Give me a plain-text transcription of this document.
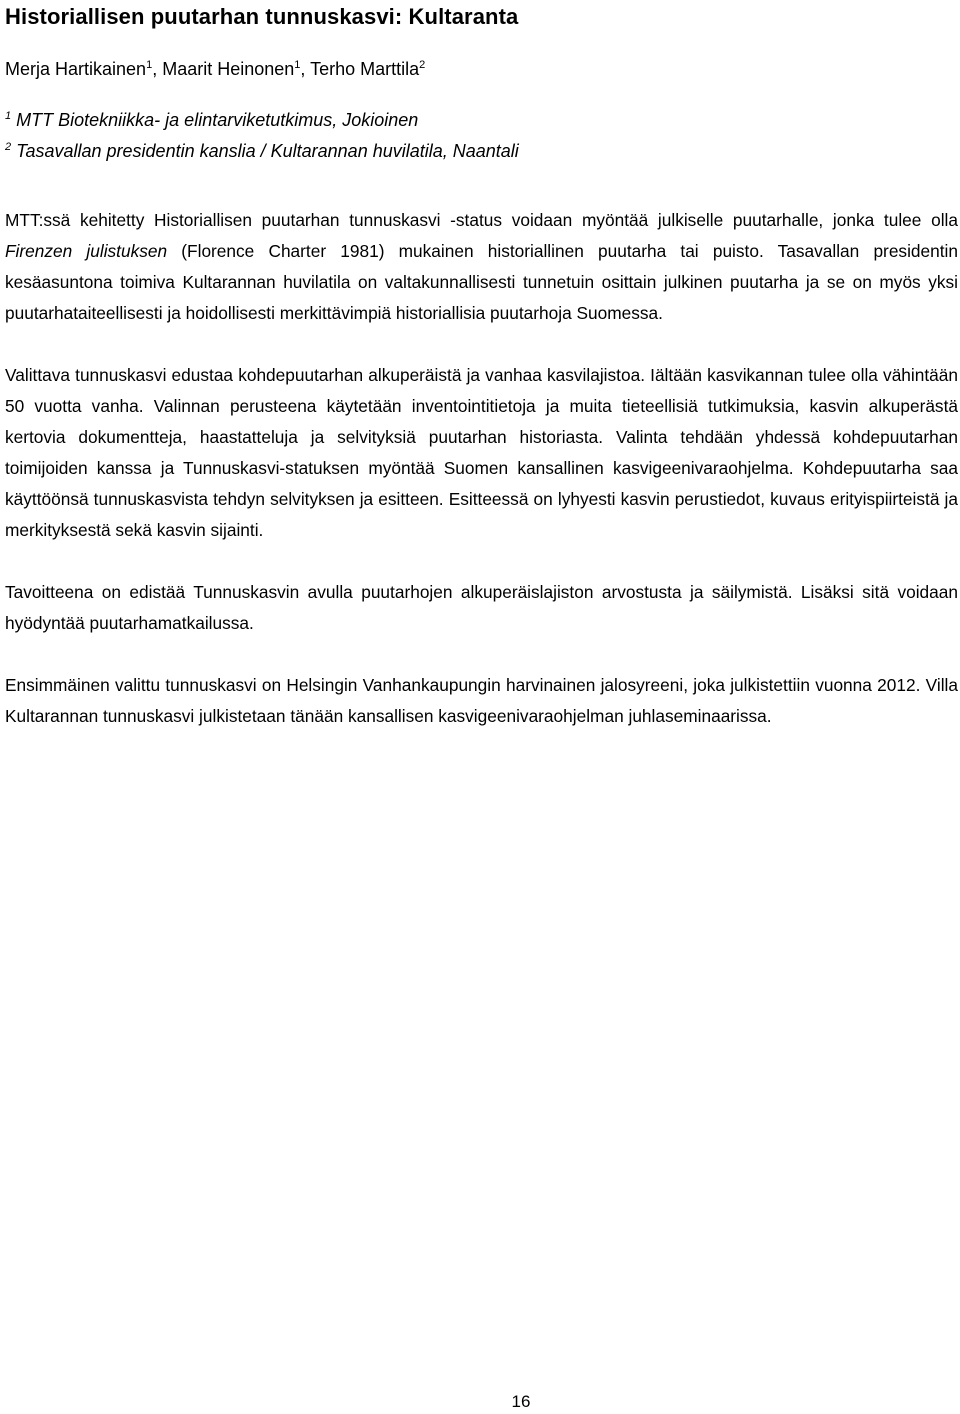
Historiallisen puutarhan tunnuskasvi: Kultaranta
Merja Hartikainen$^1$, Maarit Heinonen$^1$, Terho Marttila$^2$
$^1$ MTT Biotekniikka- ja elintarviketutkimus, Jokioinen
$^2$ Tasavallan presidentin kanslia / Kultarannan huvilatila, Naantali

MTT:ssä kehitetty Historiallisen puutarhan tunnuskasvi -status voidaan myöntää julkiselle puutarhalle, jonka tulee olla Firenzen julistuksen (Florence Charter 1981) mukainen historiallinen puutarha tai puisto. Tasavallan presidentin kesäasuntona toimiva Kultarannan huvilatila on valtakunnallisesti tunnetuin osittain julkinen puutarha ja se on myös yksi puutarhataiteellisesti ja hoidollisesti merkittävimpiä historiallisia puutarhoja Suomessa.

Valittava tunnuskasvi edustaa kohdepuutarhan alkuperäistä ja vanhaa kasvilajistoa. Iältään kasvikannan tulee olla vähintään 50 vuotta vanha. Valinnan perusteena käytetään inventointitietoja ja muita tieteellisiä tutkimuksia, kasvin alkuperästä kertovia dokumentteja, haastatteluja ja selvityksiä puutarhan historiasta. Valinta tehdään yhdessä kohdepuutarhan toimijoiden kanssa ja Tunnuskasvi-statuksen myöntää Suomen kansallinen kasvigeenivaraohjelma. Kohdepuutarha saa käyttöönsä tunnuskasvista tehdyn selvityksen ja esitteen. Esitteessä on lyhyesti kasvin perustiedot, kuvaus erityispiirteistä ja merkityksestä sekä kasvin sijainti.

Tavoitteena on edistää Tunnuskasvin avulla puutarhojen alkuperäislajiston arvostusta ja säilymistä. Lisäksi sitä voidaan hyödyntää puutarhamatkailussa.

Ensimmäinen valittu tunnuskasvi on Helsingin Vanhankaupungin harvinainen jalosyreeni, joka julkistettiin vuonna 2012. Villa Kultarannan tunnuskasvi julkistetaan tänään kansallisen kasvigeenivaraohjelman juhlaseminaarissa.

16
